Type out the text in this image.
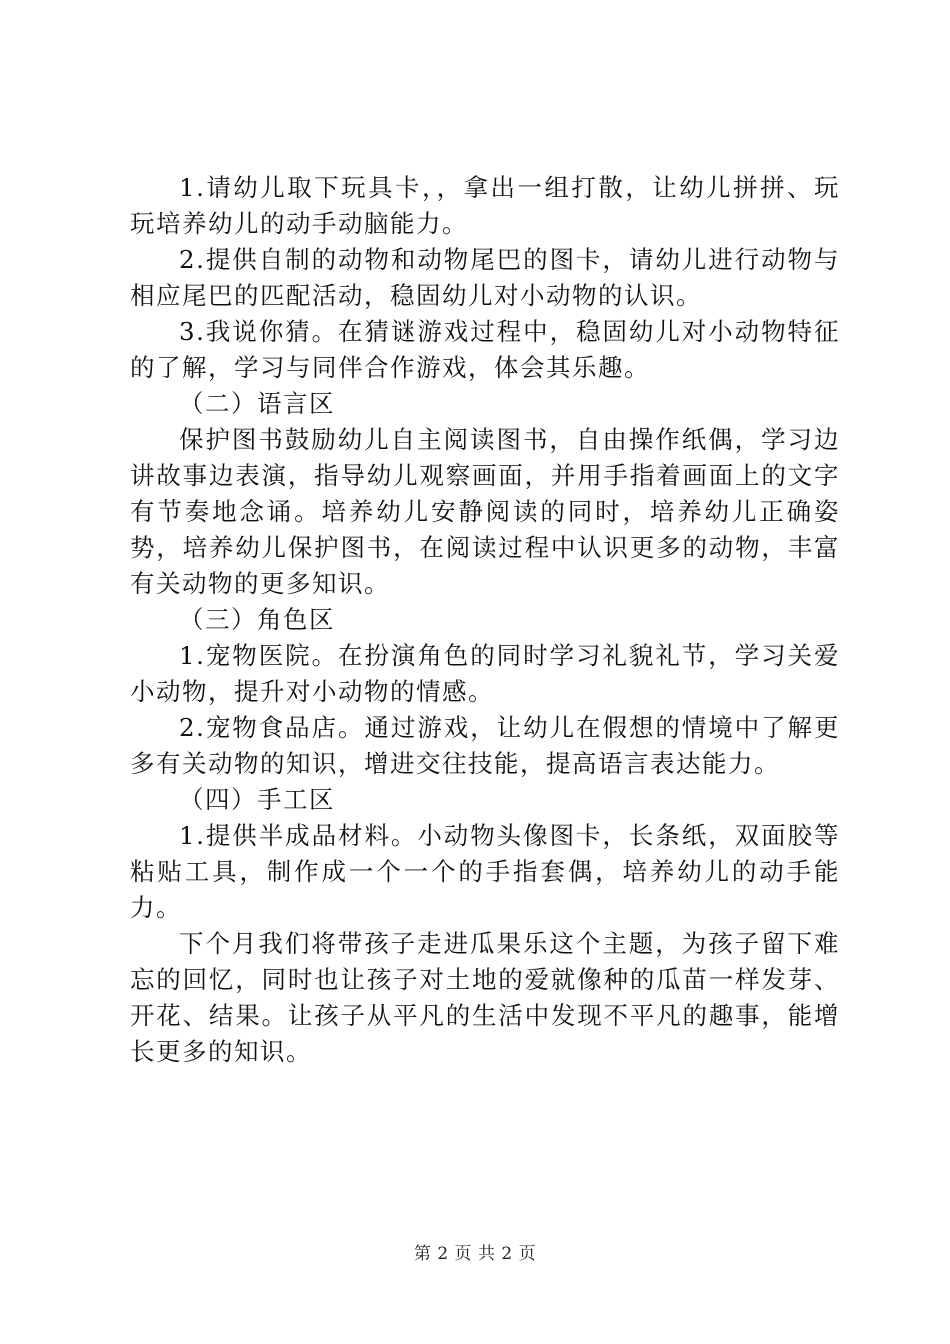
1.请幼儿取下玩具卡，，拿出一组打散，让幼儿拼拼、玩玩培养幼儿的动手动脑能力。

2.提供自制的动物和动物尾巴的图卡，请幼儿进行动物与相应尾巴的匹配活动，稳固幼儿对小动物的认识。

3.我说你猜。在猜谜游戏过程中，稳固幼儿对小动物特征的了解，学习与同伴合作游戏，体会其乐趣。

（二）语言区

保护图书鼓励幼儿自主阅读图书，自由操作纸偶，学习边讲故事边表演，指导幼儿观察画面，并用手指着画面上的文字有节奏地念诵。培养幼儿安静阅读的同时，培养幼儿正确姿势，培养幼儿保护图书，在阅读过程中认识更多的动物，丰富有关动物的更多知识。

（三）角色区

1.宠物医院。在扮演角色的同时学习礼貌礼节，学习关爱小动物，提升对小动物的情感。

2.宠物食品店。通过游戏，让幼儿在假想的情境中了解更多有关动物的知识，增进交往技能，提高语言表达能力。

（四）手工区

1.提供半成品材料。小动物头像图卡，长条纸，双面胶等粘贴工具，制作成一个一个的手指套偶，培养幼儿的动手能力。

下个月我们将带孩子走进瓜果乐这个主题，为孩子留下难忘的回忆，同时也让孩子对土地的爱就像种的瓜苗一样发芽、开花、结果。让孩子从平凡的生活中发现不平凡的趣事，能增长更多的知识。

第 2 页 共 2 页
